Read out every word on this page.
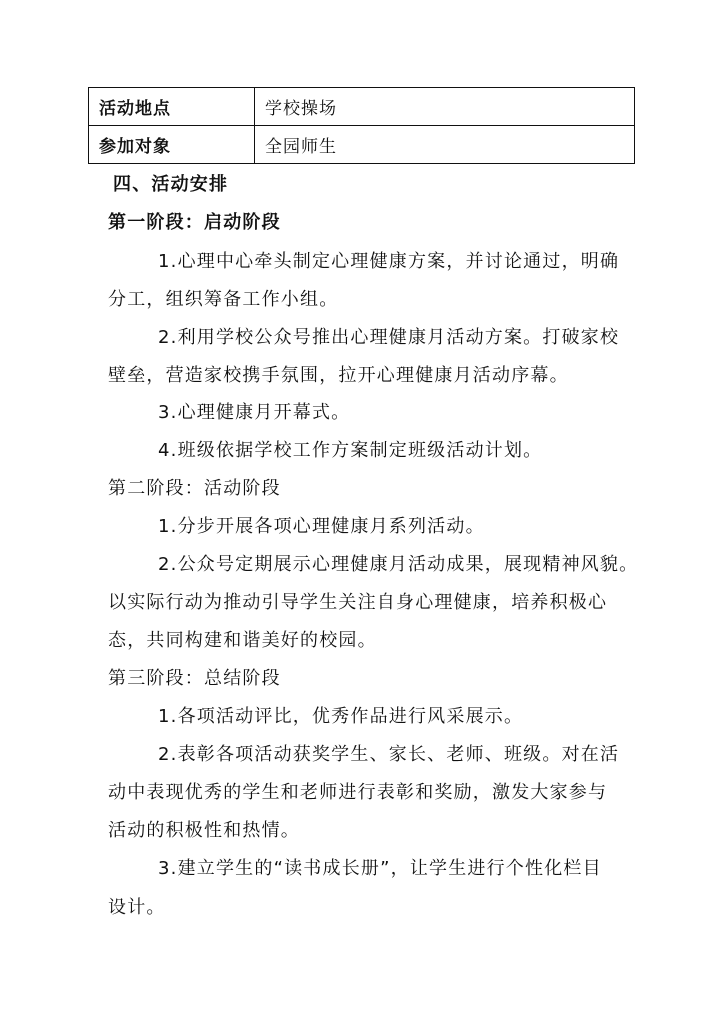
活动地点	学校操场
参加对象	全园师生
四、活动安排
第一阶段：启动阶段
1.心理中心牵头制定心理健康方案，并讨论通过，明确
分工，组织筹备工作小组。
2.利用学校公众号推出心理健康月活动方案。打破家校
壁垒，营造家校携手氛围，拉开心理健康月活动序幕。
3.心理健康月开幕式。
4.班级依据学校工作方案制定班级活动计划。
第二阶段：活动阶段
1.分步开展各项心理健康月系列活动。
2.公众号定期展示心理健康月活动成果，展现精神风貌。
以实际行动为推动引导学生关注自身心理健康，培养积极心
态，共同构建和谐美好的校园。
第三阶段：总结阶段
1.各项活动评比，优秀作品进行风采展示。
2.表彰各项活动获奖学生、家长、老师、班级。对在活
动中表现优秀的学生和老师进行表彰和奖励，激发大家参与
活动的积极性和热情。
3.建立学生的“读书成长册”，让学生进行个性化栏目
设计。
